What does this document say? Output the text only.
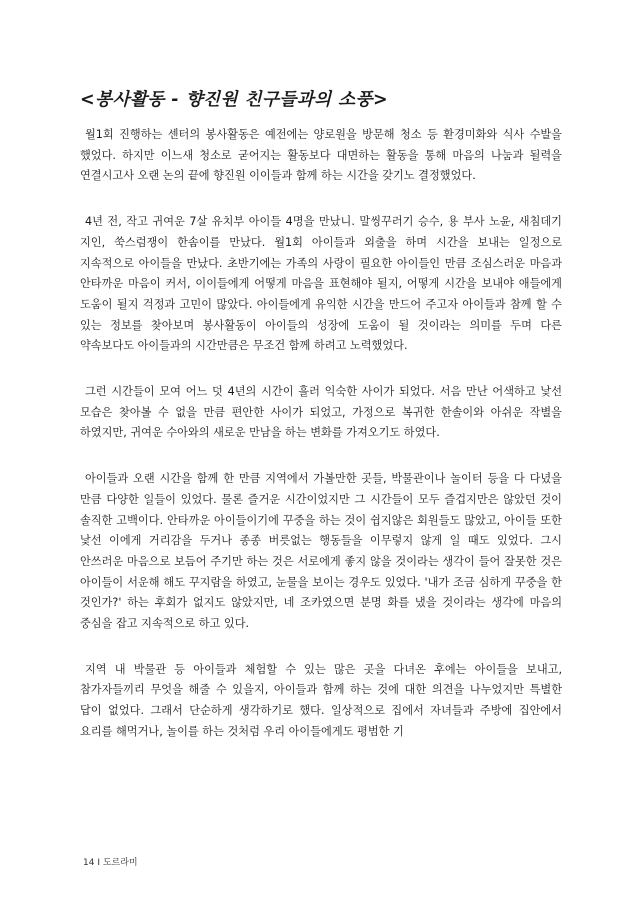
<봉사활동 - 향진원 친구들과의 소풍>

월1회 진행하는 센터의 봉사활동은 예전에는 양로원을 방문해 청소 등 환경미화와 식사 수발을 했었다. 하지만 이느새 청소로 굳어지는 활동보다 대면하는 활동을 통해 마음의 나눔과 될력을 연결시고사 오랜 논의 끝에 향진원 이이들과 함께 하는 시간을 갖기노 결정했었다.

4년 전, 작고 귀여운 7살 유치부 아이들 4명을 만났니. 말씽꾸러기 승수, 용 부사 노윤, 새침데기 지인, 쑥스럼쟁이 한솜이를 만났다. 월1회 아이들과 외출을 하며 시간을 보내는 일정으로 지속적으로 아이들을 만났다. 초반기에는 가족의 사랑이 필요한 아이들인 만큼 조심스러운 마음과 안타까운 마음이 커서, 이이들에게 어떻게 마음을 표현해야 될지, 어떻게 시간을 보내야 애들에게 도움이 될지 걱정과 고민이 많았다. 아이들에게 유익한 시간을 만드어 주고자 아이들과 참께 할 수 있는 정보를 찾아보며 봉사활동이 아이들의 성장에 도움이 될 것이라는 의미를 두며 다른 약속보다도 아이들과의 시간만큼은 무조건 함께 하려고 노력했었다.

그런 시간들이 모여 어느 덧 4년의 시간이 흘러 익숙한 사이가 되었다. 서음 만난 어색하고 낯선 모습은 찾아볼 수 없을 만큼 편안한 사이가 되었고, 가정으로 복귀한 한솔이와 아쉬운 작별을 하였지만, 귀여운 수아와의 새로운 만남을 하는 변화를 가져오기도 하였다.

아이들과 오랜 시간을 함께 한 만큼 지역에서 가볼만한 곳들, 박물관이나 놀이터 등을 다 다녔을 만큼 다양한 일들이 있었다. 물론 즐거운 시간이었지만 그 시간들이 모두 즐겁지만은 않았던 것이 솔직한 고백이다. 안타까운 아이들이기에 꾸중을 하는 것이 쉽지않은 회원들도 많았고, 아이들 또한 낯선 이에게 거리감을 두거나 종종 버릇없는 행동들을 이무렇지 않게 일 때도 있었다. 그시 안쓰러운 마음으로 보듬어 주기만 하는 것은 서로에게 좋지 않을 것이라는 생각이 들어 잘못한 것은 아이들이 서운해 해도 꾸지람을 하였고, 눈물을 보이는 경우도 있었다. '내가 조금 심하게 꾸중을 한 것인가?' 하는 후회가 없지도 않았지만, 네 조카였으면 분명 화를 냈을 것이라는 생각에 마음의 중심을 잡고 지속적으로 하고 있다.

지역 내 박물관 등 아이들과 체험할 수 있는 많은 곳을 다녀온 후에는 아이들을 보내고, 참가자들끼리 무엇을 해줄 수 있을지, 아이들과 함께 하는 것에 대한 의견을 나누었지만 특별한 답이 없었다. 그래서 단순하게 생각하기로 했다. 일상적으로 집에서 자녀들과 주방에 집안에서 요리를 해먹거나, 놀이를 하는 것처럼 우리 아이들에게도 평범한 기

14 I 도르라미
